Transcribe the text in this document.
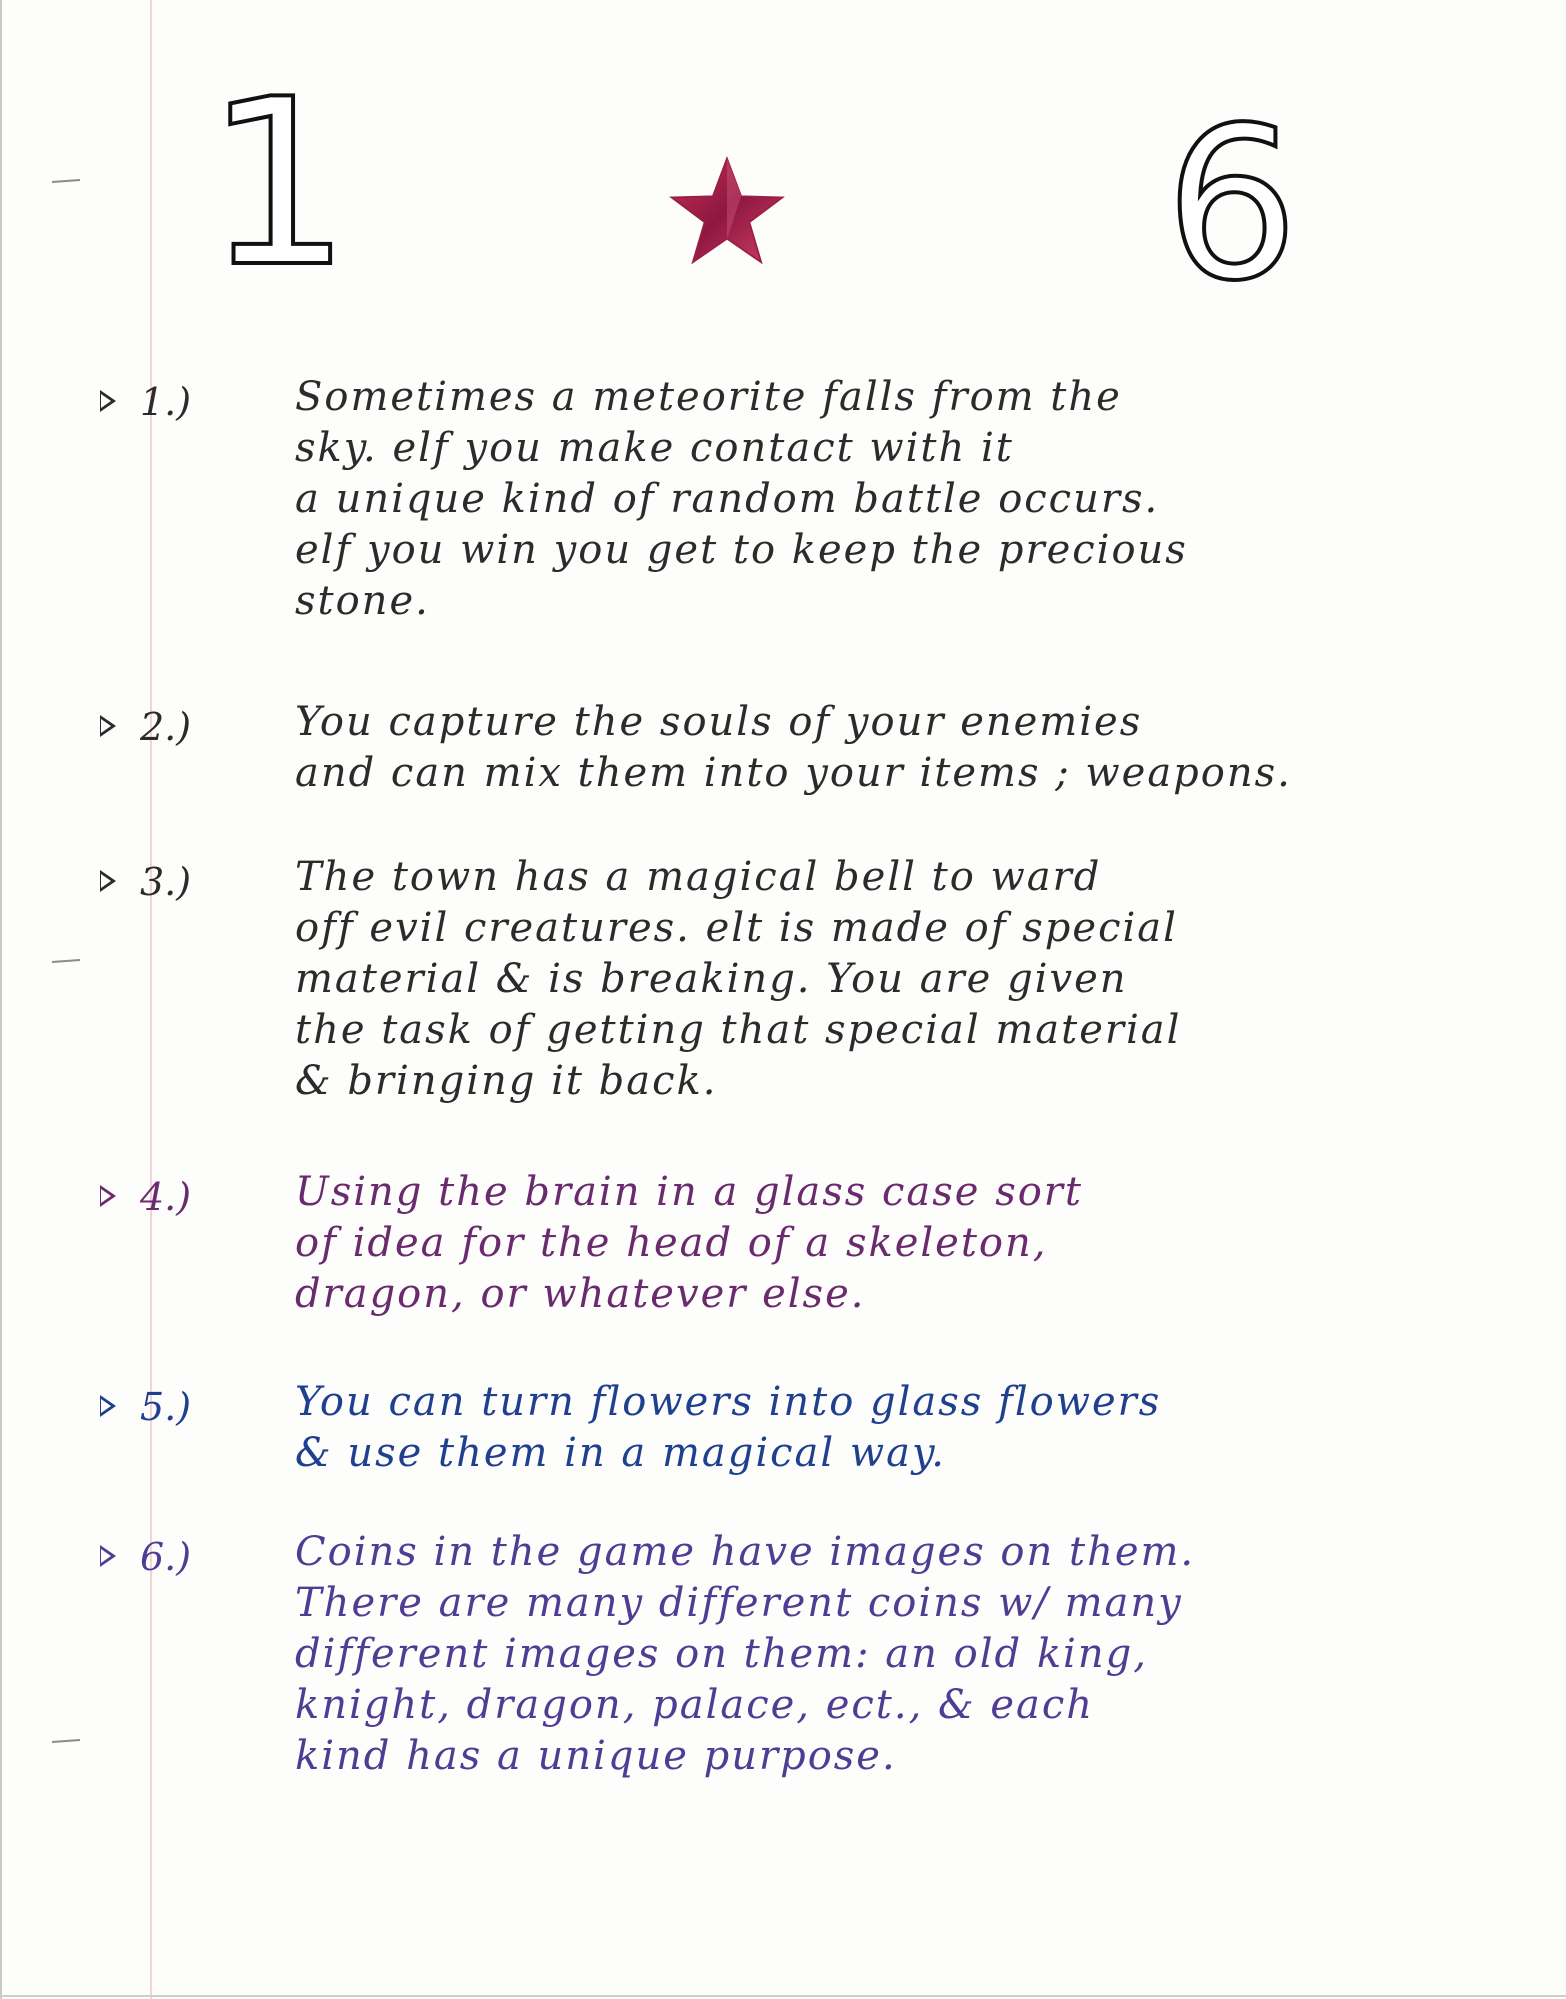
1	6
1.)	Sometimes a meteorite falls from the
sky. elf you make contact with it
a unique kind of random battle occurs.
elf you win you get to keep the precious
stone.
2.)	You capture the souls of your enemies
and can mix them into your items ; weapons.
3.)	The town has a magical bell to ward
off evil creatures. elt is made of special
material & is breaking. You are given
the task of getting that special material
& bringing it back.
4.)	Using the brain in a glass case sort
of idea for the head of a skeleton,
dragon, or whatever else.
5.)	You can turn flowers into glass flowers
& use them in a magical way.
6.)	Coins in the game have images on them.
There are many different coins w/ many
different images on them: an old king,
knight, dragon, palace, ect., & each
kind has a unique purpose.
